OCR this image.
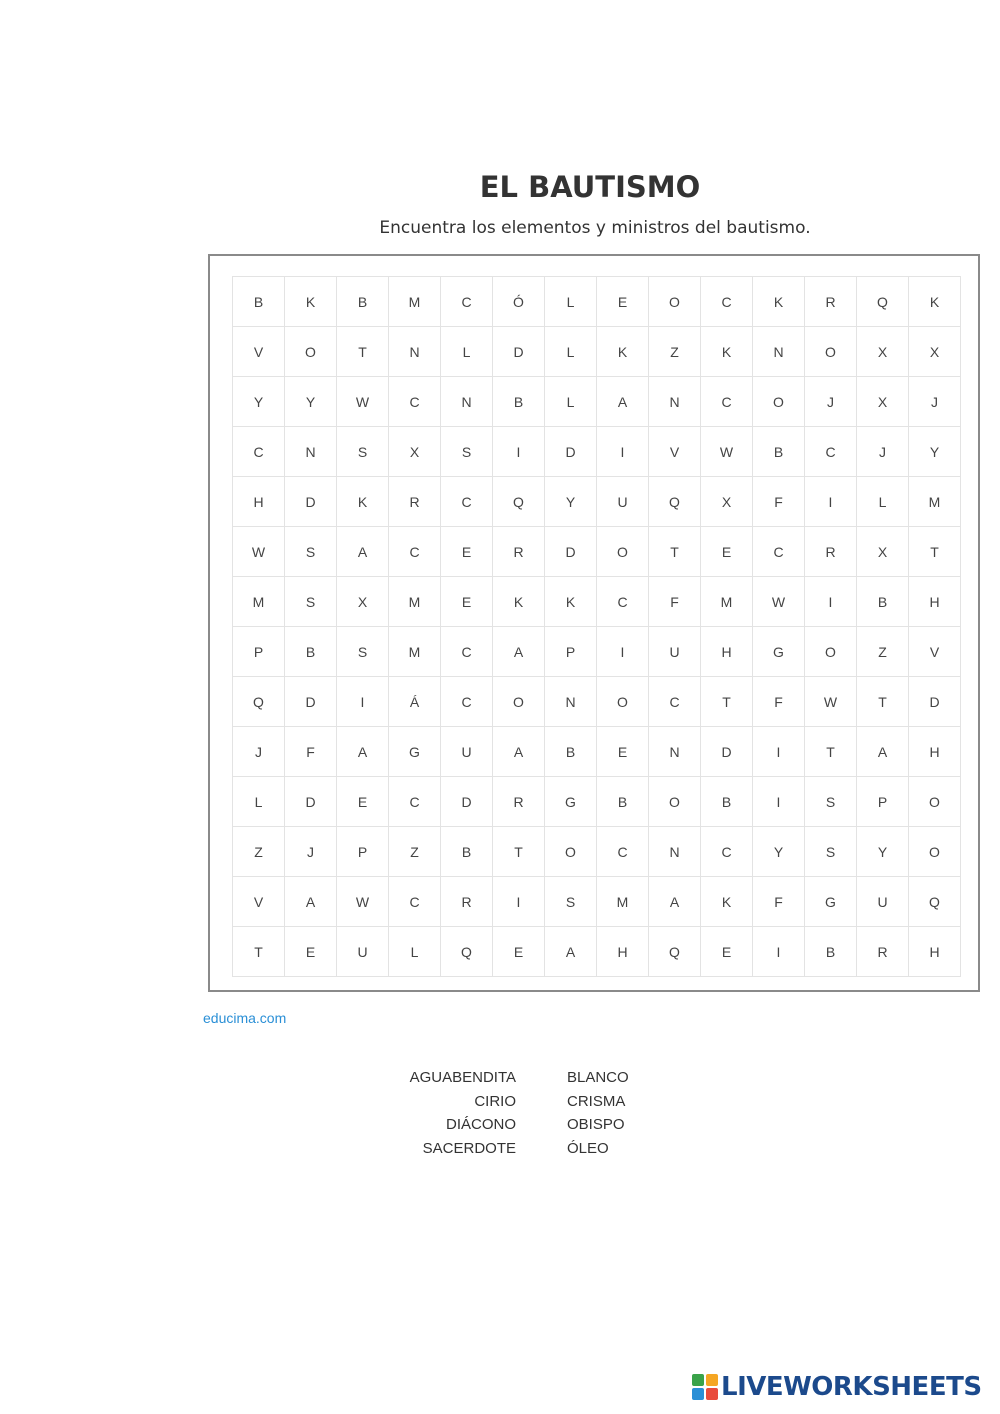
EL BAUTISMO
Encuentra los elementos y ministros del bautismo.
B	K	B	M	C	Ó	L	E	O	C	K	R	Q	K
V	O	T	N	L	D	L	K	Z	K	N	O	X	X
Y	Y	W	C	N	B	L	A	N	C	O	J	X	J
C	N	S	X	S	I	D	I	V	W	B	C	J	Y
H	D	K	R	C	Q	Y	U	Q	X	F	I	L	M
W	S	A	C	E	R	D	O	T	E	C	R	X	T
M	S	X	M	E	K	K	C	F	M	W	I	B	H
P	B	S	M	C	A	P	I	U	H	G	O	Z	V
Q	D	I	Á	C	O	N	O	C	T	F	W	T	D
J	F	A	G	U	A	B	E	N	D	I	T	A	H
L	D	E	C	D	R	G	B	O	B	I	S	P	O
Z	J	P	Z	B	T	O	C	N	C	Y	S	Y	O
V	A	W	C	R	I	S	M	A	K	F	G	U	Q
T	E	U	L	Q	E	A	H	Q	E	I	B	R	H
educima.com
AGUABENDITA
CIRIO
DIÁCONO
SACERDOTE
BLANCO
CRISMA
OBISPO
ÓLEO
LIVEWORKSHEETS
